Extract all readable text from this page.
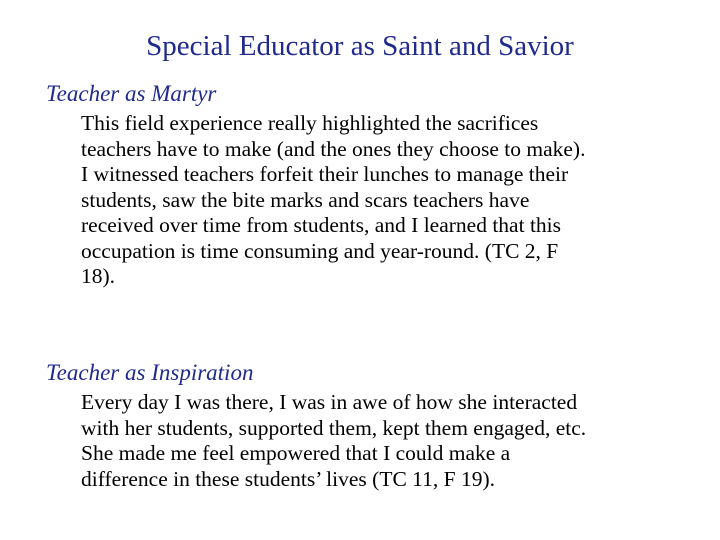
Special Educator as Saint and Savior
Teacher as Martyr
This field experience really highlighted the sacrifices
teachers have to make (and the ones they choose to make).
I witnessed teachers forfeit their lunches to manage their
students, saw the bite marks and scars teachers have
received over time from students, and I learned that this
occupation is time consuming and year-round. (TC 2, F
18).
Teacher as Inspiration
Every day I was there, I was in awe of how she interacted
with her students, supported them, kept them engaged, etc.
She made me feel empowered that I could make a
difference in these students’ lives (TC 11, F 19).
